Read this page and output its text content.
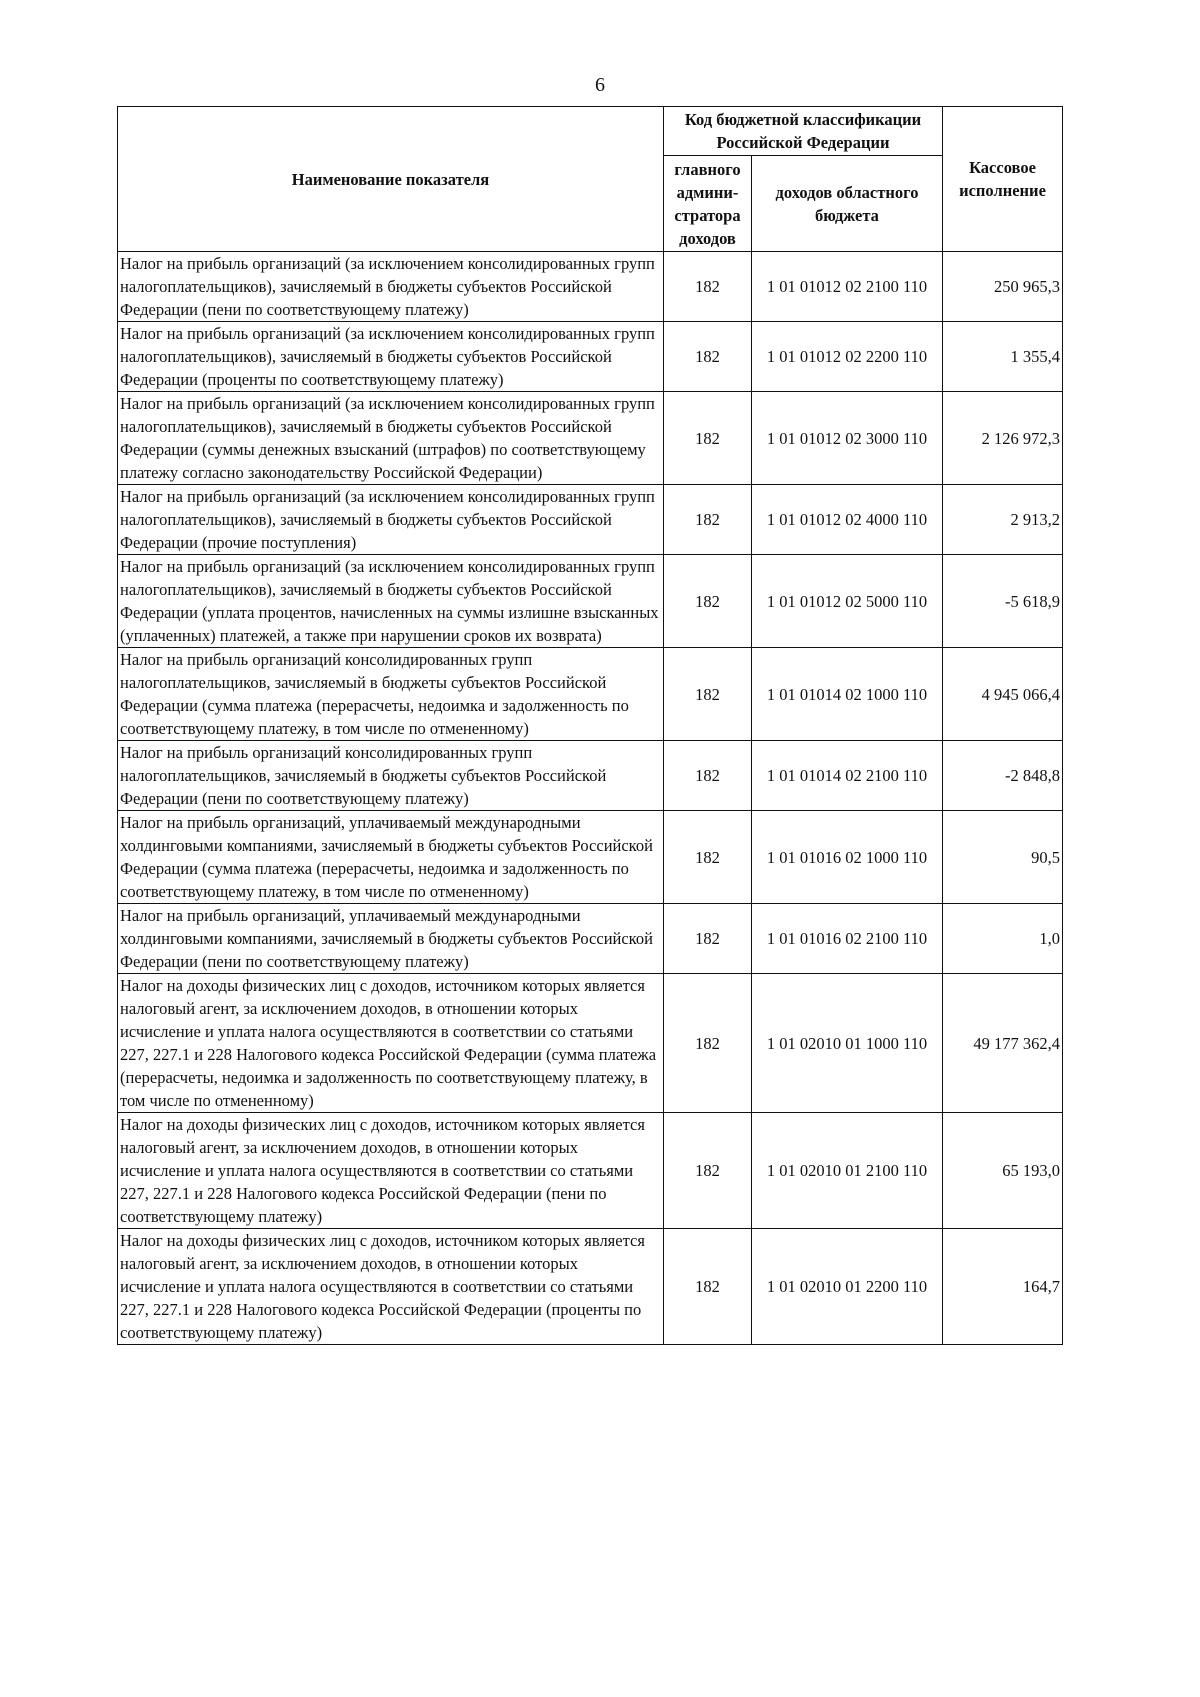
6
Наименование показателя	Код бюджетной классификации Российской Федерации		Кассовое исполнение
	главного админи-стратора доходов	доходов областного бюджета	
Налог на прибыль организаций (за исключением консолидированных групп налогоплательщиков), зачисляемый в бюджеты субъектов Российской Федерации (пени по соответствующему платежу)	182	1 01 01012 02 2100 110	250 965,3
Налог на прибыль организаций (за исключением консолидированных групп налогоплательщиков), зачисляемый в бюджеты субъектов Российской Федерации (проценты по соответствующему платежу)	182	1 01 01012 02 2200 110	1 355,4
Налог на прибыль организаций (за исключением консолидированных групп налогоплательщиков), зачисляемый в бюджеты субъектов Российской Федерации (суммы денежных взысканий (штрафов) по соответствующему платежу согласно законодательству Российской Федерации)	182	1 01 01012 02 3000 110	2 126 972,3
Налог на прибыль организаций (за исключением консолидированных групп налогоплательщиков), зачисляемый в бюджеты субъектов Российской Федерации (прочие поступления)	182	1 01 01012 02 4000 110	2 913,2
Налог на прибыль организаций (за исключением консолидированных групп налогоплательщиков), зачисляемый в бюджеты субъектов Российской Федерации (уплата процентов, начисленных на суммы излишне взысканных (уплаченных) платежей, а также при нарушении сроков их возврата)	182	1 01 01012 02 5000 110	-5 618,9
Налог на прибыль организаций консолидированных групп налогоплательщиков, зачисляемый в бюджеты субъектов Российской Федерации (сумма платежа (перерасчеты, недоимка и задолженность по соответствующему платежу, в том числе по отмененному)	182	1 01 01014 02 1000 110	4 945 066,4
Налог на прибыль организаций консолидированных групп налогоплательщиков, зачисляемый в бюджеты субъектов Российской Федерации (пени по соответствующему платежу)	182	1 01 01014 02 2100 110	-2 848,8
Налог на прибыль организаций, уплачиваемый международными холдинговыми компаниями, зачисляемый в бюджеты субъектов Российской Федерации (сумма платежа (перерасчеты, недоимка и задолженность по соответствующему платежу, в том числе по отмененному)	182	1 01 01016 02 1000 110	90,5
Налог на прибыль организаций, уплачиваемый международными холдинговыми компаниями, зачисляемый в бюджеты субъектов Российской Федерации (пени по соответствующему платежу)	182	1 01 01016 02 2100 110	1,0
Налог на доходы физических лиц с доходов, источником которых является налоговый агент, за исключением доходов, в отношении которых исчисление и уплата налога осуществляются в соответствии со статьями 227, 227.1 и 228 Налогового кодекса Российской Федерации (сумма платежа (перерасчеты, недоимка и задолженность по соответствующему платежу, в том числе по отмененному)	182	1 01 02010 01 1000 110	49 177 362,4
Налог на доходы физических лиц с доходов, источником которых является налоговый агент, за исключением доходов, в отношении которых исчисление и уплата налога осуществляются в соответствии со статьями 227, 227.1 и 228 Налогового кодекса Российской Федерации (пени по соответствующему платежу)	182	1 01 02010 01 2100 110	65 193,0
Налог на доходы физических лиц с доходов, источником которых является налоговый агент, за исключением доходов, в отношении которых исчисление и уплата налога осуществляются в соответствии со статьями 227, 227.1 и 228 Налогового кодекса Российской Федерации (проценты по соответствующему платежу)	182	1 01 02010 01 2200 110	164,7
